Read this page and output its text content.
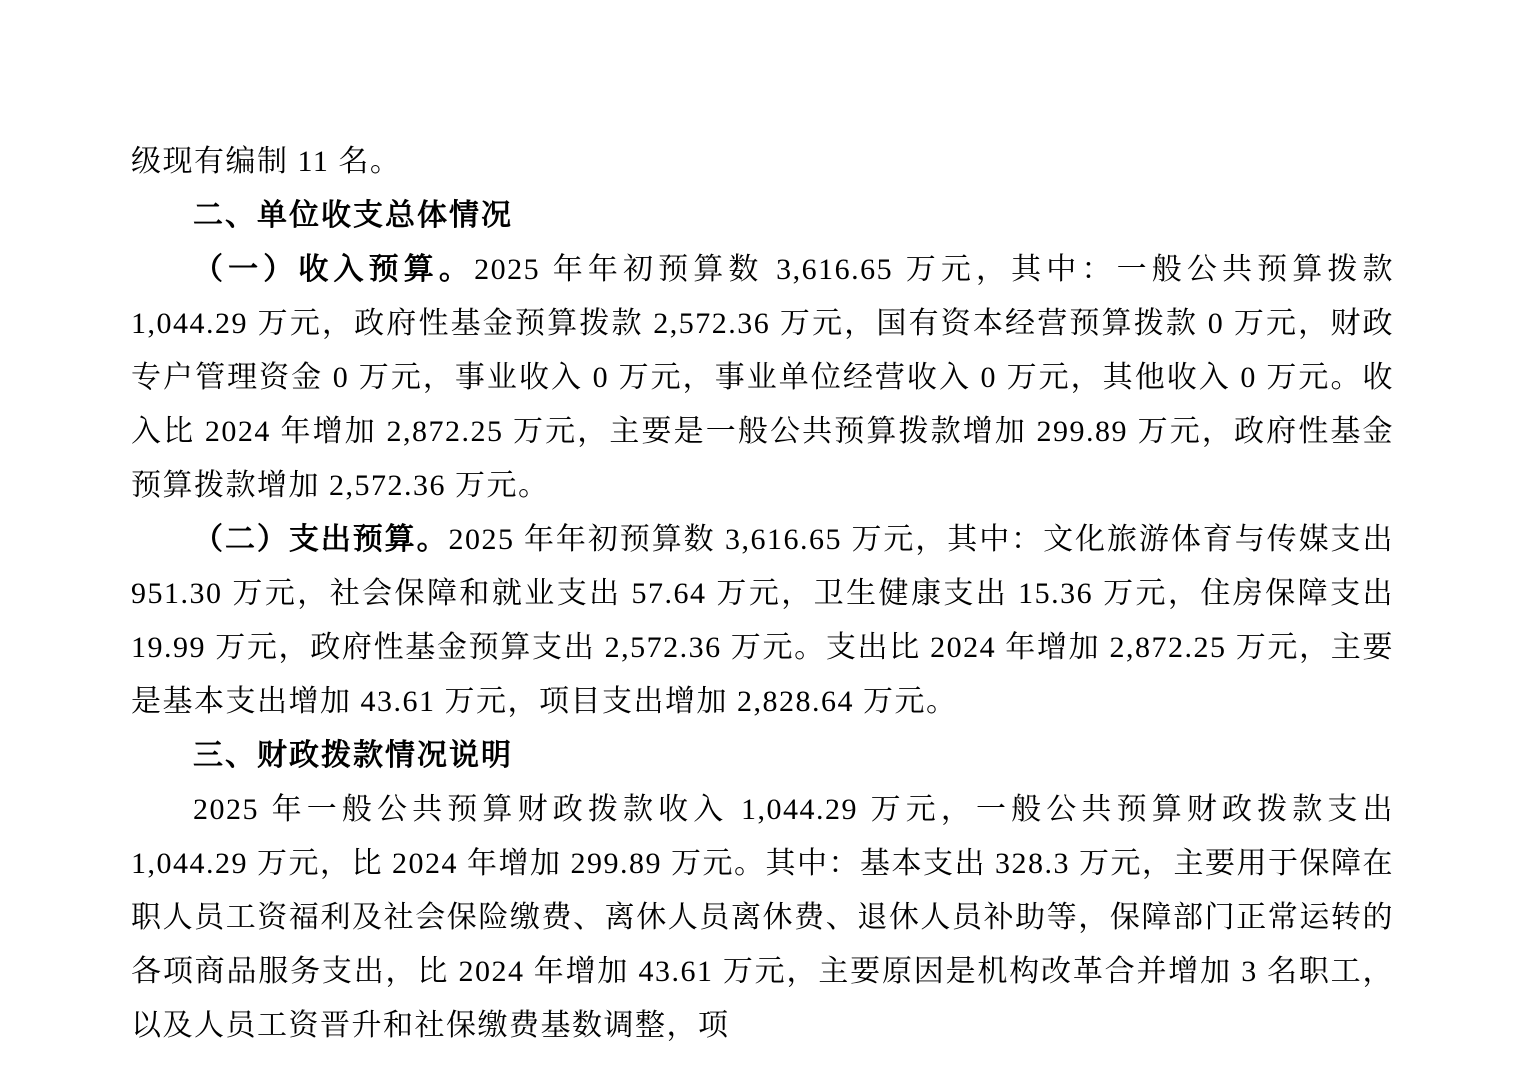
级现有编制 11 名。

二、单位收支总体情况

（一）收入预算。2025 年年初预算数 3,616.65 万元，其中：一般公共预算拨款 1,044.29 万元，政府性基金预算拨款 2,572.36 万元，国有资本经营预算拨款 0 万元，财政专户管理资金 0 万元，事业收入 0 万元，事业单位经营收入 0 万元，其他收入 0 万元。收入比 2024 年增加 2,872.25 万元，主要是一般公共预算拨款增加 299.89 万元，政府性基金预算拨款增加 2,572.36 万元。

（二）支出预算。2025 年年初预算数 3,616.65 万元，其中：文化旅游体育与传媒支出 951.30 万元，社会保障和就业支出 57.64 万元，卫生健康支出 15.36 万元，住房保障支出 19.99 万元，政府性基金预算支出 2,572.36 万元。支出比 2024 年增加 2,872.25 万元，主要是基本支出增加 43.61 万元，项目支出增加 2,828.64 万元。

三、财政拨款情况说明

2025 年一般公共预算财政拨款收入 1,044.29 万元，一般公共预算财政拨款支出 1,044.29 万元，比 2024 年增加 299.89 万元。其中：基本支出 328.3 万元，主要用于保障在职人员工资福利及社会保险缴费、离休人员离休费、退休人员补助等，保障部门正常运转的各项商品服务支出，比 2024 年增加 43.61 万元，主要原因是机构改革合并增加 3 名职工，以及人员工资晋升和社保缴费基数调整，项
